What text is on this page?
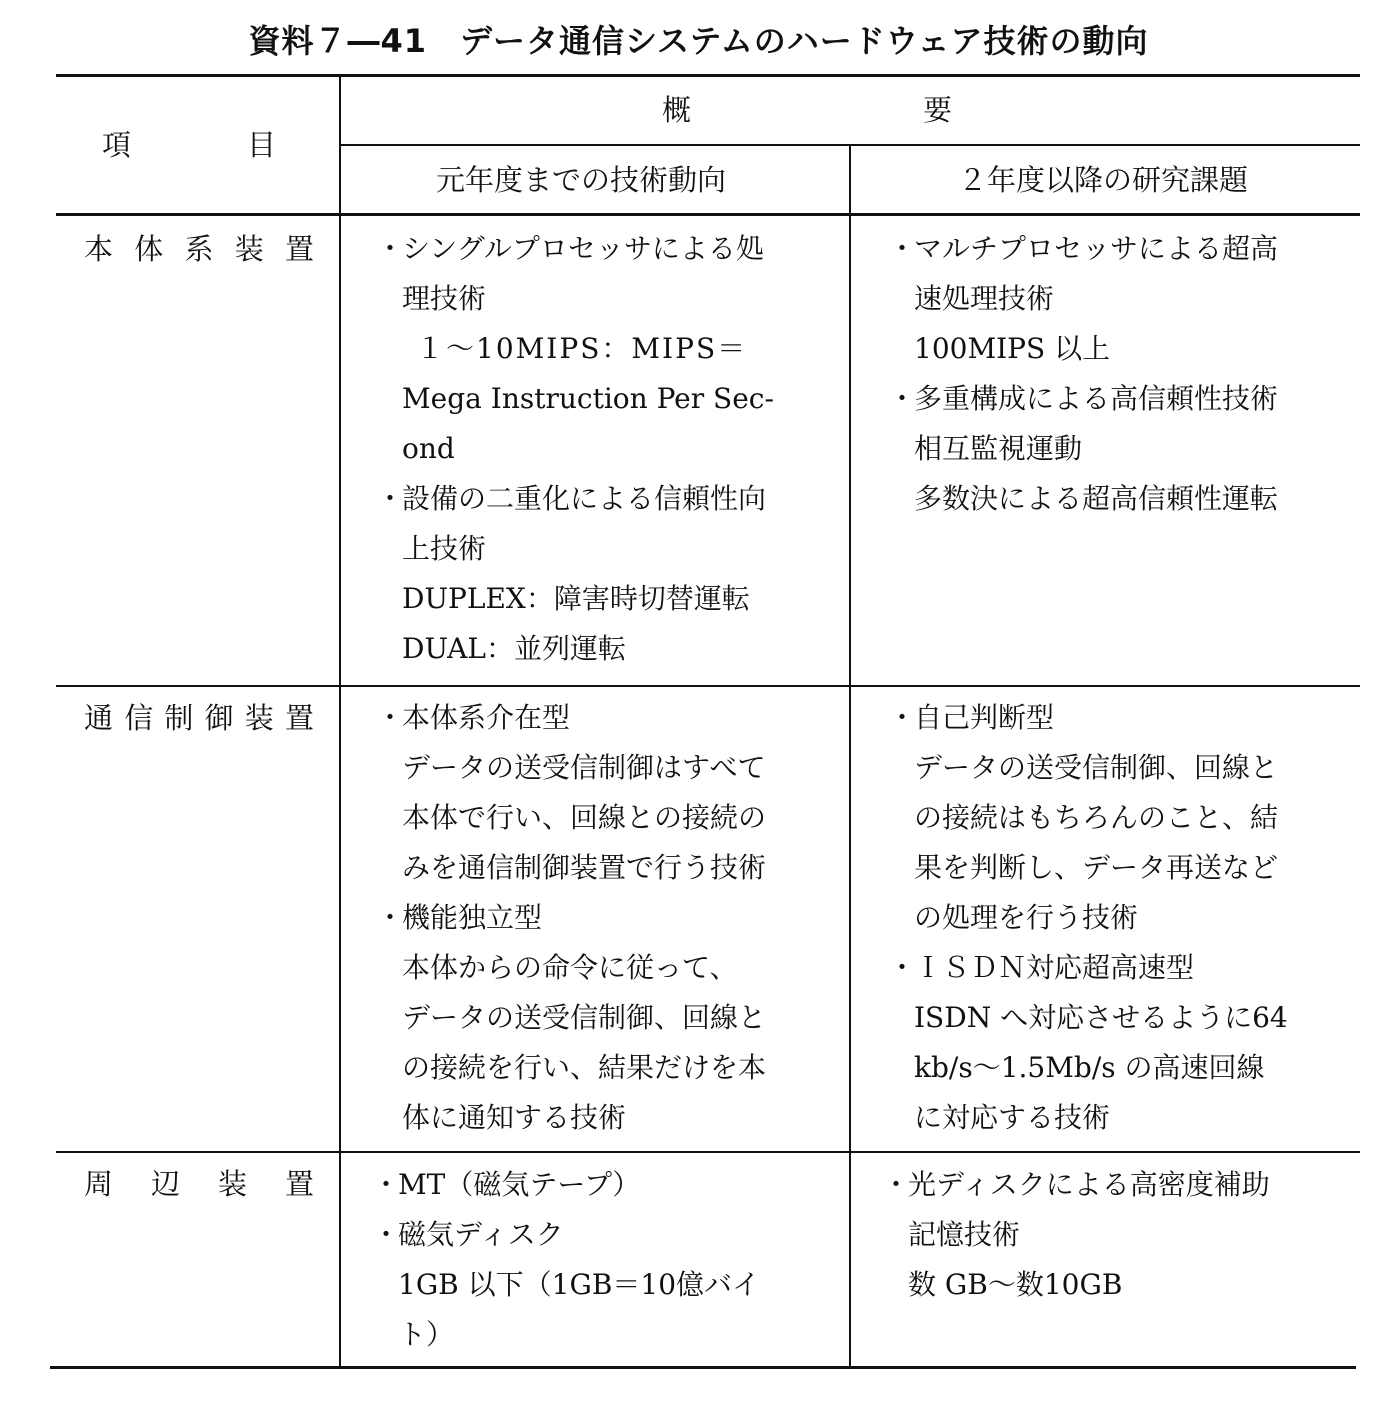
資料７―41　データ通信システムのハードウェア技術の動向
項　　　　目
概　　　　　　　　要
元年度までの技術動向	２年度以降の研究課題
本体系装置 ・
シングルプロセッサによる処
理技術
１～10MIPS：MIPS＝
Mega Instruction Per Sec-
ond
・
設備の二重化による信頼性向
上技術
DUPLEX：障害時切替運転
DUAL：並列運転
・
マルチプロセッサによる超高
速処理技術
100MIPS 以上
・
多重構成による高信頼性技術
相互監視運動
多数決による超高信頼性運転
通信制御装置 ・
本体系介在型
データの送受信制御はすべて
本体で行い、回線との接続の
みを通信制御装置で行う技術
・
機能独立型
本体からの命令に従って、
データの送受信制御、回線と
の接続を行い、結果だけを本
体に通知する技術
・
自己判断型
データの送受信制御、回線と
の接続はもちろんのこと、結
果を判断し、データ再送など
の処理を行う技術
・
ＩＳＤＮ対応超高速型
ISDN へ対応させるように64
kb/s～1.5Mb/s の高速回線
に対応する技術
周辺装置 ・
MT（磁気テープ）
・
磁気ディスク
1GB 以下（1GB＝10億バイ
ト）
・
光ディスクによる高密度補助
記憶技術
数 GB～数10GB
